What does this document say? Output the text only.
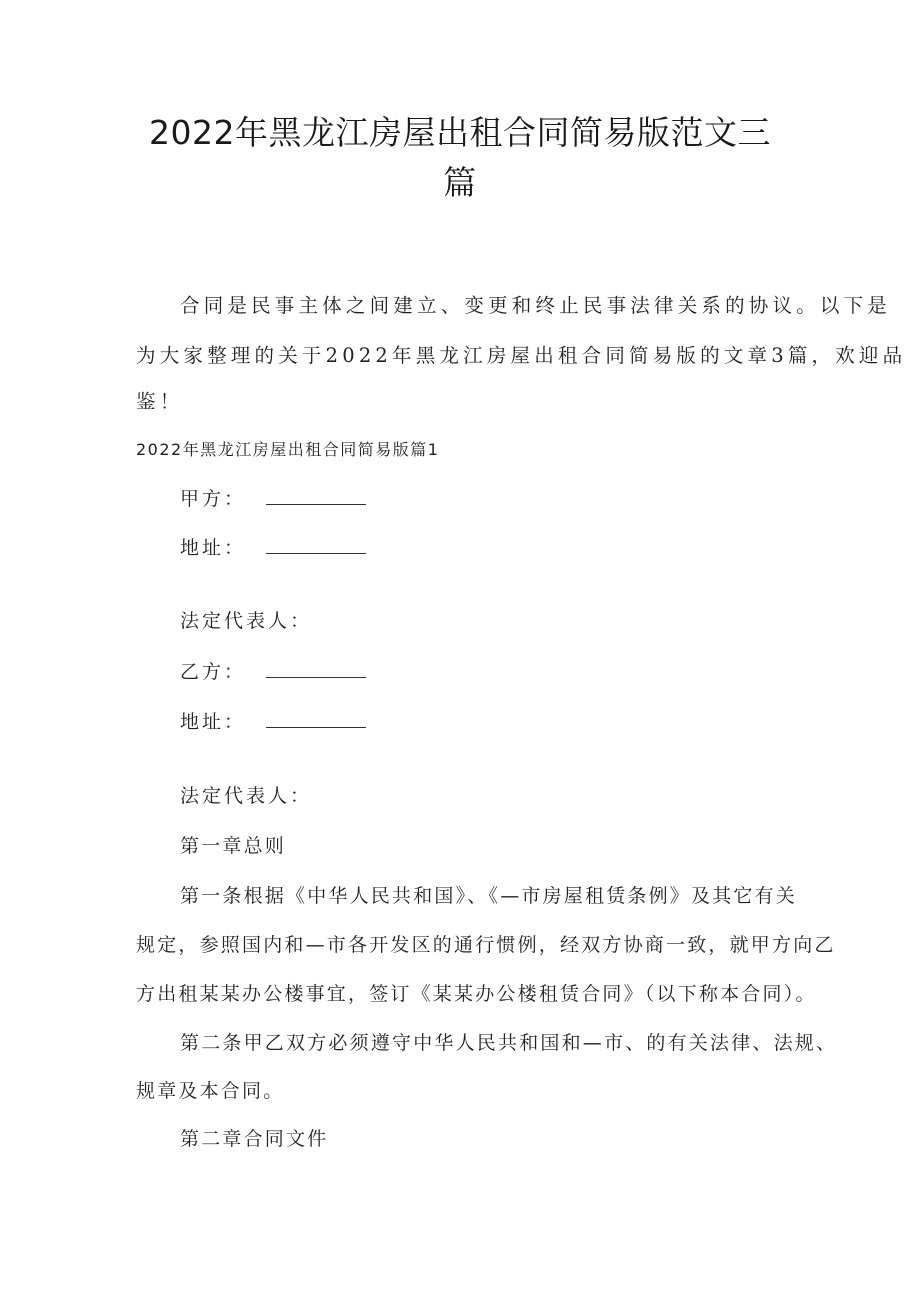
2022年黑龙江房屋出租合同简易版范文三
篇
合同是民事主体之间建立、变更和终止民事法律关系的协议。以下是
为大家整理的关于2022年黑龙江房屋出租合同简易版的文章3篇，欢迎品
鉴！
2022年黑龙江房屋出租合同简易版篇1
甲方：
地址：
法定代表人：
乙方：
地址：
法定代表人：
第一章总则
第一条根据《中华人民共和国》、《—市房屋租赁条例》及其它有关
规定，参照国内和—市各开发区的通行惯例，经双方协商一致，就甲方向乙
方出租某某办公楼事宜，签订《某某办公楼租赁合同》（以下称本合同）。
第二条甲乙双方必须遵守中华人民共和国和—市、的有关法律、法规、
规章及本合同。
第二章合同文件
